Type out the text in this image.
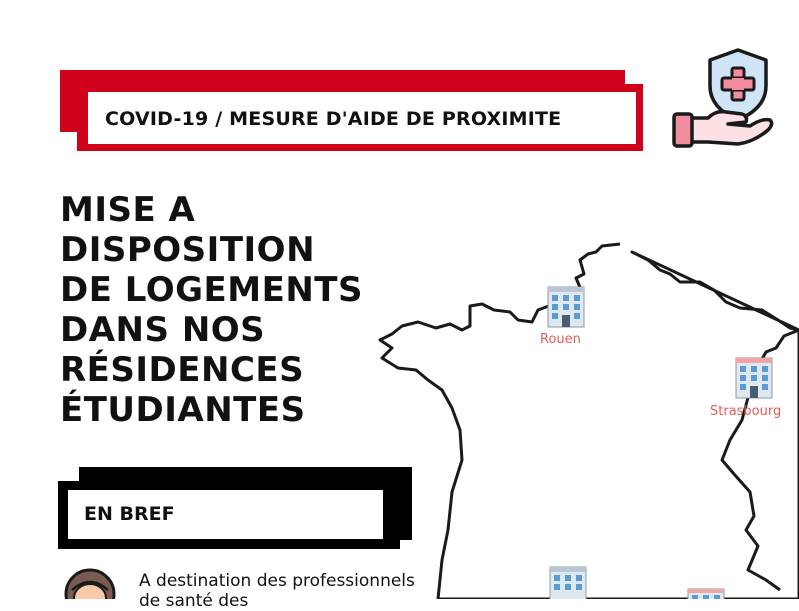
COVID-19 / MESURE D'AIDE DE PROXIMITE
MISE A
DISPOSITION
DE LOGEMENTS
DANS NOS
RÉSIDENCES
ÉTUDIANTES
Rouen
Strasbourg
EN BREF
A destination des professionnels de santé des
